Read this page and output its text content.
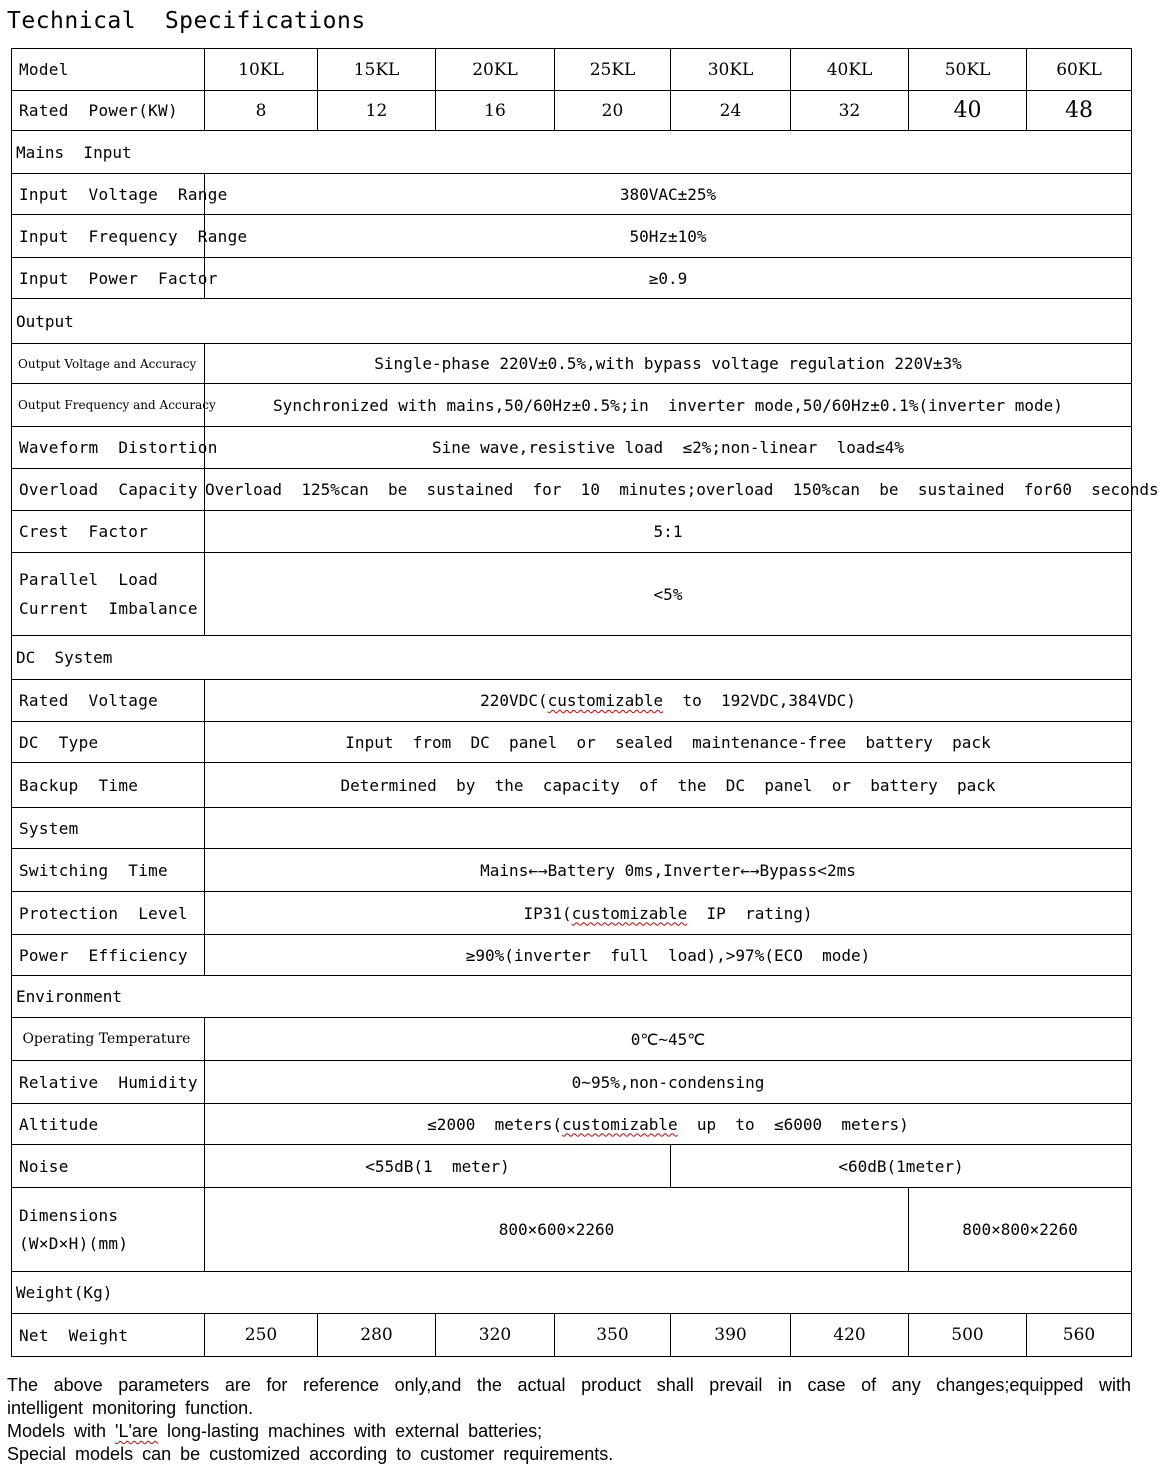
Technical  Specifications
Model	10KL	15KL	20KL	25KL	30KL	40KL	50KL	60KL
Rated  Power(KW)	8	12	16	20	24	32	40	48
Mains  Input								
Input  Voltage  Range	380VAC±25%							
Input  Frequency  Range	50Hz±10%							
Input  Power  Factor	≥0.9							
Output								
Output Voltage and Accuracy	Single-phase 220V±0.5%,with bypass voltage regulation 220V±3%							
Output Frequency and Accuracy	Synchronized with mains,50/60Hz±0.5%;in  inverter mode,50/60Hz±0.1%(inverter mode)							
Waveform  Distortion	Sine wave,resistive load  ≤2%;non-linear  load≤4%							
Overload  Capacity	Overload  125%can  be  sustained  for  10  minutes;overload  150%can  be  sustained  for60  seconds							
Crest  Factor	5:1							
Parallel  Load
Current  Imbalance	<5%							
DC  System								
Rated  Voltage	220VDC(customizable  to  192VDC,384VDC)							
DC  Type	Input  from  DC  panel  or  sealed  maintenance-free  battery  pack							
Backup  Time	Determined  by  the  capacity  of  the  DC  panel  or  battery  pack							
System								
Switching  Time	Mains←→Battery 0ms,Inverter←→Bypass<2ms							
Protection  Level	IP31(customizable  IP  rating)							
Power  Efficiency	≥90%(inverter  full  load),>97%(ECO  mode)							
Environment								
Operating Temperature	0℃~45℃							
Relative  Humidity	0~95%,non-condensing							
Altitude	≤2000  meters(customizable  up  to  ≤6000  meters)							
Noise	<55dB(1  meter)				<60dB(1meter)			
Dimensions
(W×D×H)(mm)	800×600×2260						800×800×2260	
Weight(Kg)								
Net  Weight	250	280	320	350	390	420	500	560

The above parameters are for reference only,and the actual product shall prevail in case of any changes;equipped with

intelligent monitoring function.

Models with 'L'are long-lasting machines with external batteries;

Special models can be customized according to customer requirements.
